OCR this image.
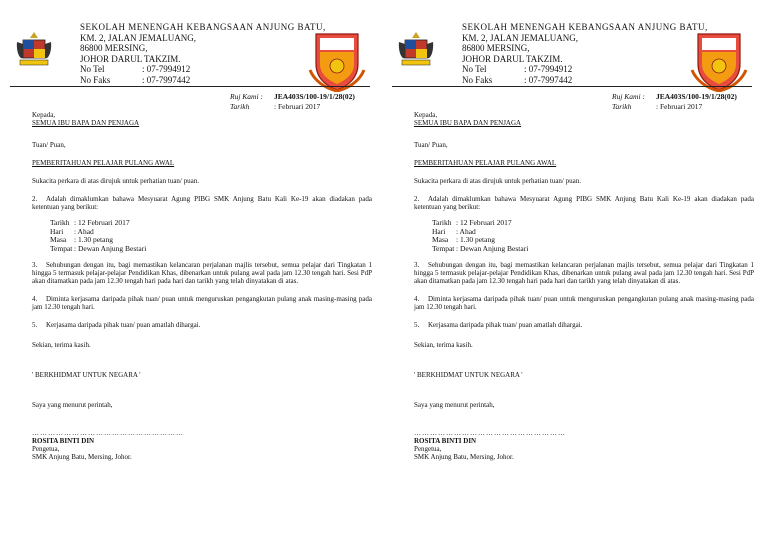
SEKOLAH MENENGAH KEBANGSAAN ANJUNG BATU,
KM. 2, JALAN JEMALUANG,
86800 MERSING,
JOHOR DARUL TAKZIM.
No Tel	: 07-7994912
No Faks	: 07-7997442
Ruj Kami :	JEA403S/100-19/1/28(02)
Tarikh	: Februari 2017

Kepada,

SEMUA IBU BAPA DAN PENJAGA

Tuan/ Puan,

PEMBERITAHUAN PELAJAR PULANG AWAL

Sukacita perkara di atas dirujuk untuk perhatian tuan/ puan.

2. Adalah dimaklumkan bahawa Mesyuarat Agung PIBG SMK Anjung Batu Kali Ke-19 akan diadakan pada ketentuan yang berikut:

Tarikh : 12 Februari 2017
Hari	: Ahad
Masa	: 1.30 petang
Tempat : Dewan Anjung Bestari

3. Sehubungan dengan itu, bagi memastikan kelancaran perjalanan majlis tersebut, semua pelajar dari Tingkatan 1 hingga 5 termasuk pelajar-pelajar Pendidikan Khas, dibenarkan untuk pulang awal pada jam 12.30 tengah hari. Sesi PdP akan ditamatkan pada jam 12.30 tengah hari pada hari dan tarikh yang telah dinyatakan di atas.

4. Diminta kerjasama daripada pihak tuan/ puan untuk menguruskan pengangkutan pulang anak masing-masing pada jam 12.30 tengah hari.

5. Kerjasama daripada pihak tuan/ puan amatlah dihargai.

Sekian, terima kasih.

' BERKHIDMAT UNTUK NEGARA '

Saya yang menurut perintah,

…………………………………………………

ROSITA BINTI DIN

Pengetua,

SMK Anjung Batu, Mersing, Johor.

SEKOLAH MENENGAH KEBANGSAAN ANJUNG BATU,
KM. 2, JALAN JEMALUANG,
86800 MERSING,
JOHOR DARUL TAKZIM.
No Tel	: 07-7994912
No Faks	: 07-7997442
Ruj Kami :	JEA403S/100-19/1/28(02)
Tarikh	: Februari 2017

Kepada,

SEMUA IBU BAPA DAN PENJAGA

Tuan/ Puan,

PEMBERITAHUAN PELAJAR PULANG AWAL

Sukacita perkara di atas dirujuk untuk perhatian tuan/ puan.

2. Adalah dimaklumkan bahawa Mesyuarat Agung PIBG SMK Anjung Batu Kali Ke-19 akan diadakan pada ketentuan yang berikut:

Tarikh : 12 Februari 2017
Hari	: Ahad
Masa	: 1.30 petang
Tempat : Dewan Anjung Bestari

3. Sehubungan dengan itu, bagi memastikan kelancaran perjalanan majlis tersebut, semua pelajar dari Tingkatan 1 hingga 5 termasuk pelajar-pelajar Pendidikan Khas, dibenarkan untuk pulang awal pada jam 12.30 tengah hari. Sesi PdP akan ditamatkan pada jam 12.30 tengah hari pada hari dan tarikh yang telah dinyatakan di atas.

4. Diminta kerjasama daripada pihak tuan/ puan untuk menguruskan pengangkutan pulang anak masing-masing pada jam 12.30 tengah hari.

5. Kerjasama daripada pihak tuan/ puan amatlah dihargai.

Sekian, terima kasih.

' BERKHIDMAT UNTUK NEGARA '

Saya yang menurut perintah,

…………………………………………………

ROSITA BINTI DIN

Pengetua,

SMK Anjung Batu, Mersing, Johor.
